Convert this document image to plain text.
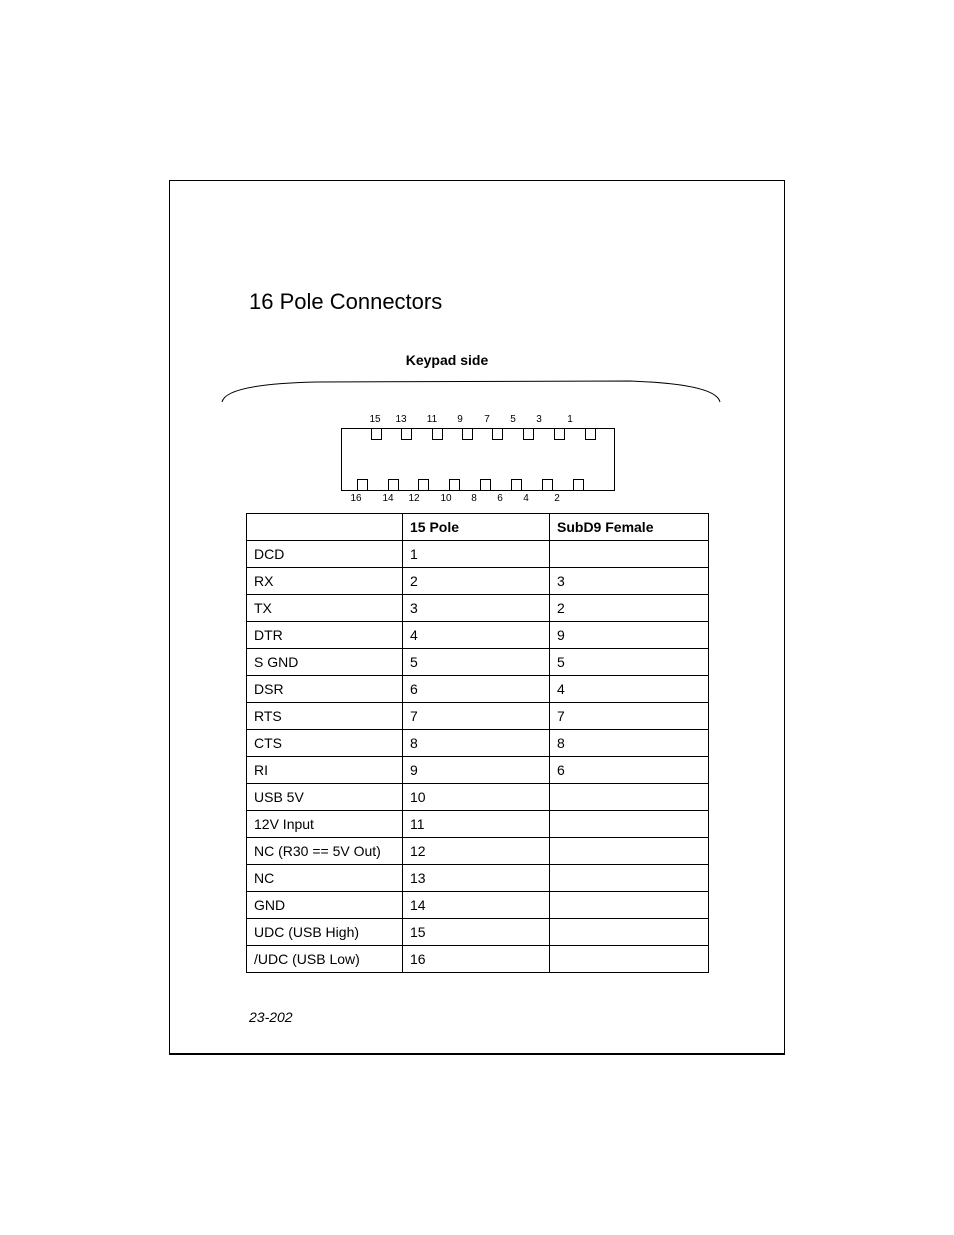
16 Pole Connectors
Keypad side
15 13 11 9 7 5 3	1
16 14 12 10 8 6 4	2
	15 Pole	SubD9 Female
DCD	1	
RX	2	3
TX	3	2
DTR	4	9
S GND	5	5
DSR	6	4
RTS	7	7
CTS	8	8
RI	9	6
USB 5V	10	
12V Input	11	
NC (R30 == 5V Out)	12	
NC	13	
GND	14	
UDC (USB High)	15	
/UDC (USB Low)	16	
23-202
